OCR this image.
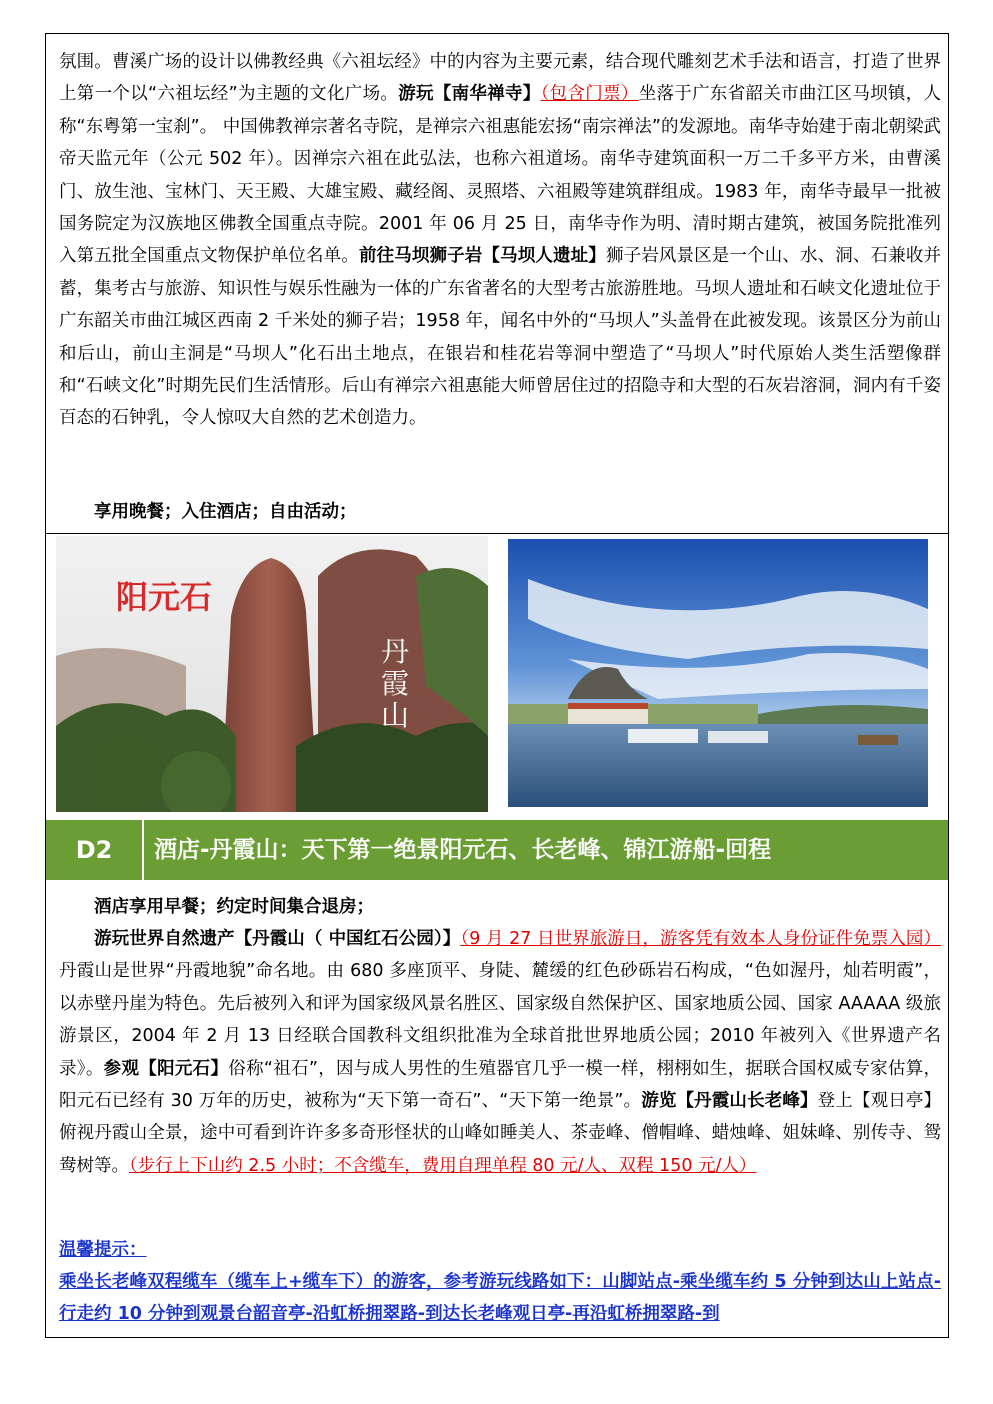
氛围。曹溪广场的设计以佛教经典《六祖坛经》中的内容为主要元素，结合现代雕刻艺术手法和语言，打造了世界上第一个以“六祖坛经”为主题的文化广场。游玩【南华禅寺】（包含门票）坐落于广东省韶关市曲江区马坝镇，人称“东粤第一宝刹”。 中国佛教禅宗著名寺院，是禅宗六祖惠能宏扬“南宗禅法”的发源地。南华寺始建于南北朝梁武帝天监元年（公元 502 年）。因禅宗六祖在此弘法，也称六祖道场。南华寺建筑面积一万二千多平方米，由曹溪门、放生池、宝林门、天王殿、大雄宝殿、藏经阁、灵照塔、六祖殿等建筑群组成。1983 年，南华寺最早一批被国务院定为汉族地区佛教全国重点寺院。2001 年 06 月 25 日，南华寺作为明、清时期古建筑，被国务院批准列入第五批全国重点文物保护单位名单。前往马坝狮子岩【马坝人遗址】狮子岩风景区是一个山、水、洞、石兼收并蓄，集考古与旅游、知识性与娱乐性融为一体的广东省著名的大型考古旅游胜地。马坝人遗址和石峡文化遗址位于广东韶关市曲江城区西南 2 千米处的狮子岩；1958 年，闻名中外的“马坝人”头盖骨在此被发现。该景区分为前山和后山，前山主洞是“马坝人”化石出土地点，在银岩和桂花岩等洞中塑造了“马坝人”时代原始人类生活塑像群和“石峡文化”时期先民们生活情形。后山有禅宗六祖惠能大师曾居住过的招隐寺和大型的石灰岩溶洞，洞内有千姿百态的石钟乳，令人惊叹大自然的艺术创造力。

享用晚餐；入住酒店；自由活动；

阳元石
丹霞山
D2	酒店-丹霞山：天下第一绝景阳元石、长老峰、锦江游船-回程

酒店享用早餐；约定时间集合退房；

游玩世界自然遗产【丹霞山（ 中国红石公园）】（9 月 27 日世界旅游日，游客凭有效本人身份证件免票入园）丹霞山是世界“丹霞地貌”命名地。由 680 多座顶平、身陡、麓缓的红色砂砾岩石构成，“色如渥丹，灿若明霞”，以赤壁丹崖为特色。先后被列入和评为国家级风景名胜区、国家级自然保护区、国家地质公园、国家 AAAAA 级旅游景区，2004 年 2 月 13 日经联合国教科文组织批准为全球首批世界地质公园；2010 年被列入《世界遗产名录》。参观【阳元石】俗称“祖石”，因与成人男性的生殖器官几乎一模一样，栩栩如生，据联合国权威专家估算，阳元石已经有 30 万年的历史，被称为“天下第一奇石”、“天下第一绝景”。游览【丹霞山长老峰】登上【观日亭】俯视丹霞山全景，途中可看到许许多多奇形怪状的山峰如睡美人、茶壶峰、僧帽峰、蜡烛峰、姐妹峰、别传寺、鸳鸯树等。（步行上下山约 2.5 小时；不含缆车，费用自理单程 80 元/人、双程 150 元/人）

温馨提示：

乘坐长老峰双程缆车（缆车上+缆车下）的游客，参考游玩线路如下：山脚站点-乘坐缆车约 5 分钟到达山上站点-行走约 10 分钟到观景台韶音亭-沿虹桥拥翠路-到达长老峰观日亭-再沿虹桥拥翠路-到
